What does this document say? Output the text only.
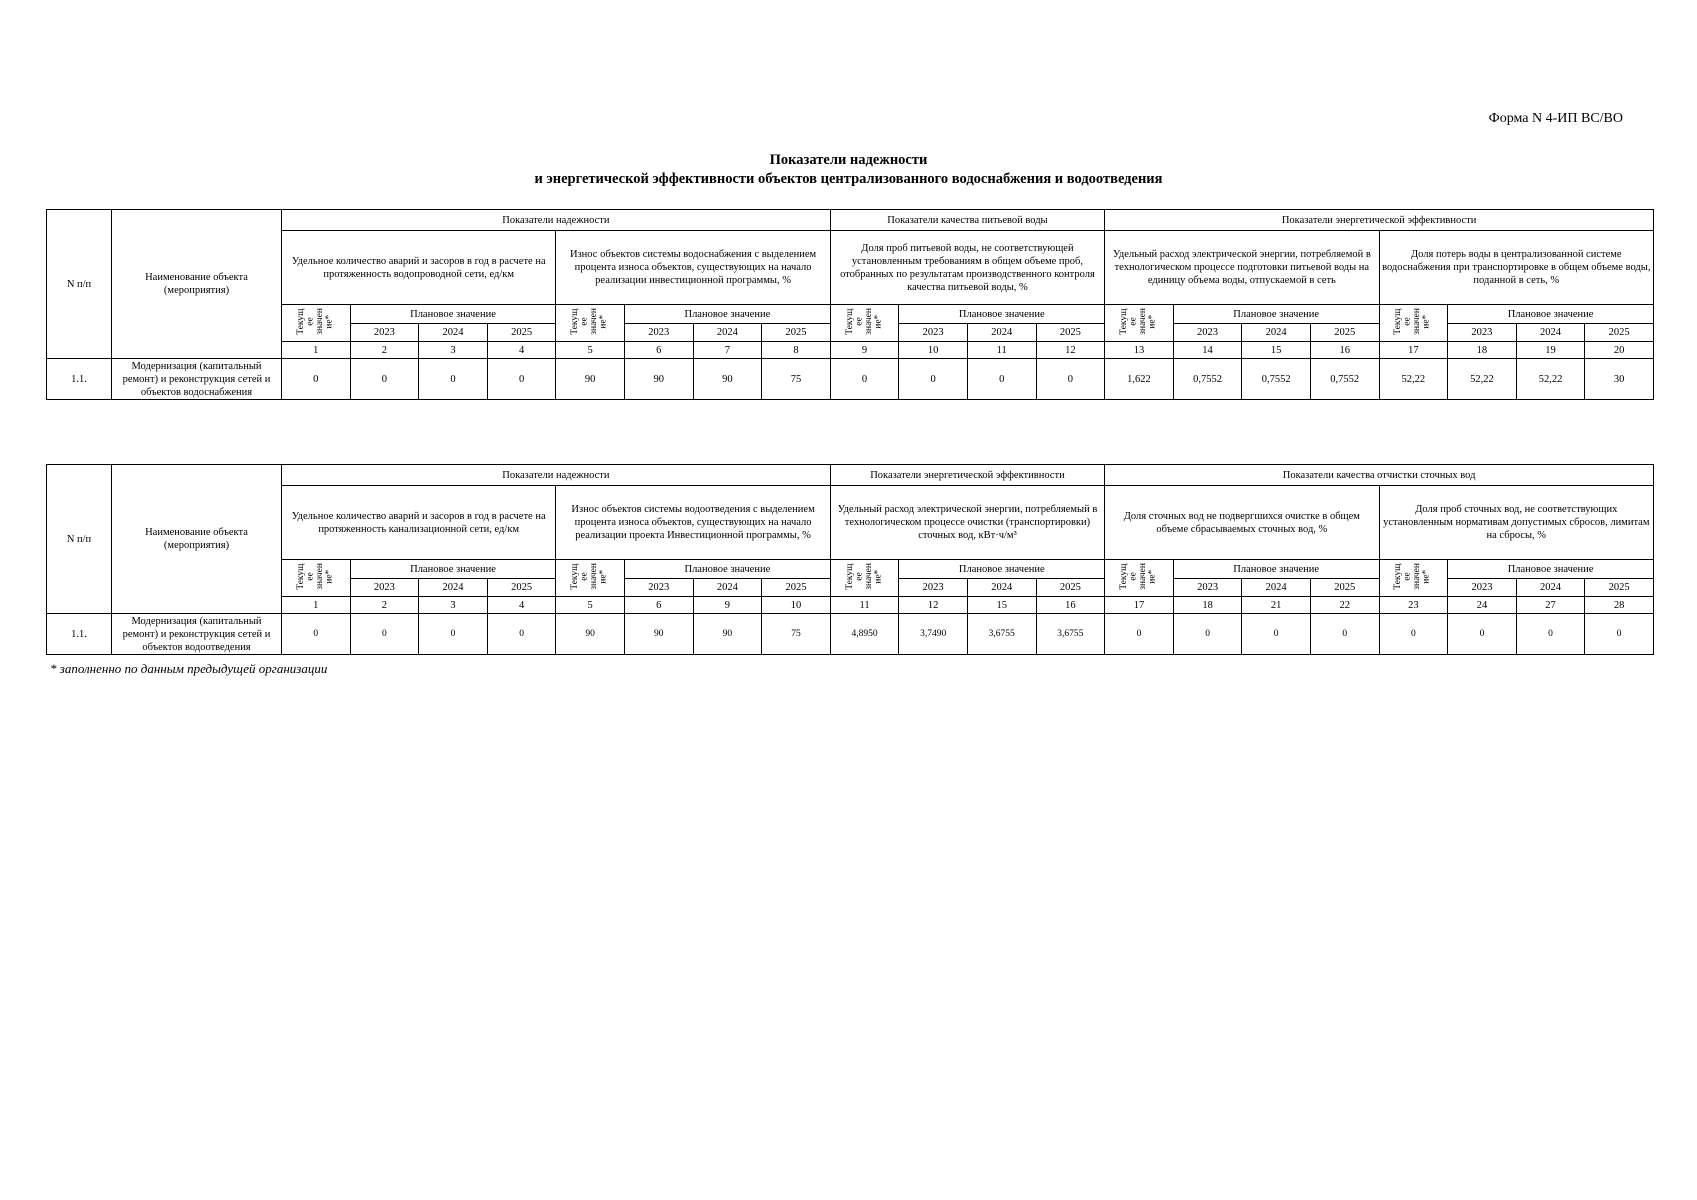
Форма N 4-ИП ВС/ВО
Показатели надежности
и энергетической эффективности объектов централизованного водоснабжения и водоотведения
N п/п	Наименование объекта (мероприятия)	Показатели надежности								Показатели качества питьевой воды				Показатели энергетической эффективности								
		Удельное количество аварий и засоров в год в расчете на протяженность водопроводной сети, ед/км				Износ объектов системы водоснабжения с выделением процента износа объектов, существующих на начало реализации инвестиционной программы, %				Доля проб питьевой воды, не соответствующей установленным требованиям в общем объеме проб, отобранных по результатам производственного контроля качества питьевой воды, %				Удельный расход электрической энергии, потребляемой в технологическом процессе подготовки питьевой воды на единицу объема воды, отпускаемой в сеть				Доля потерь воды в централизованной системе водоснабжения при транспортировке в общем объеме воды, поданной в сеть, %				
		Текущ
ее
значен
ие*	Плановое значение			Текущ
ее
значен
ие*	Плановое значение			Текущ
ее
значен
ие*	Плановое значение			Текущ
ее
значен
ие*	Плановое значение			Текущ
ее
значен
ие*	Плановое значение			
			2023	2024	2025		2023	2024	2025		2023	2024	2025		2023	2024	2025		2023	2024	2025	
		1	2	3	4	5	6	7	8	9	10	11	12	13	14	15	16	17	18	19	20		
1.1.	Модернизация (капитальный ремонт) и реконструкция сетей и объектов водоснабжения	0	0	0	0	90	90	90	75	0	0	0	0	1,622	0,7552	0,7552	0,7552	52,22	52,22	52,22	30	
N п/п	Наименование объекта (мероприятия)	Показатели надежности								Показатели энергетической эффективности				Показатели качества отчистки сточных вод								
		Удельное количество аварий и засоров в год в расчете на протяженность канализационной сети, ед/км				Износ объектов системы водоотведения с выделением процента износа объектов, существующих на начало реализации проекта Инвестиционной программы, %				Удельный расход электрической энергии, потребляемый в технологическом процессе очистки (транспортировки) сточных вод, кВт·ч/м³				Доля сточных вод не подвергшихся очистке в общем объеме сбрасываемых сточных вод, %				Доля проб сточных вод, не соответствующих установленным нормативам допустимых сбросов, лимитам на сбросы, %				
		Текущ
ее
значен
ие*	Плановое значение			Текущ
ее
значен
ие*	Плановое значение			Текущ
ее
значен
ие*	Плановое значение			Текущ
ее
значен
ие*	Плановое значение			Текущ
ее
значен
ие*	Плановое значение			
			2023	2024	2025		2023	2024	2025		2023	2024	2025		2023	2024	2025		2023	2024	2025	
		1	2	3	4	5	6	9	10	11	12	15	16	17	18	21	22	23	24	27	28		
1.1.	Модернизация (капитальный ремонт) и реконструкция сетей и объектов водоотведения	0	0	0	0	90	90	90	75	4,8950	3,7490	3,6755	3,6755	0	0	0	0	0	0	0	0	
* заполненно по данным предыдущей организации
